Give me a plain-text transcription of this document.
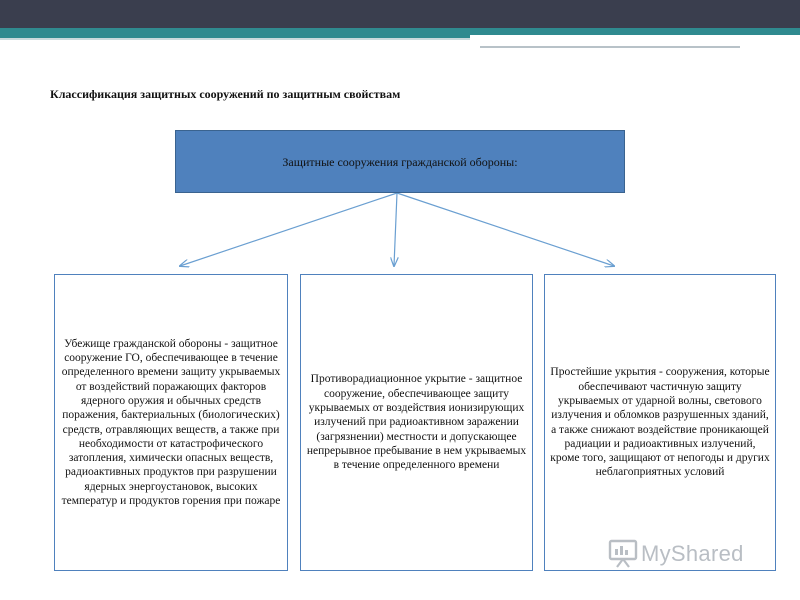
Классификация защитных сооружений по защитным свойствам
Защитные сооружения гражданской обороны:
Убежище гражданской обороны - защитное сооружение ГО, обеспечивающее в течение определенного времени защиту укрываемых от воздействий поражающих факторов ядерного оружия и обычных средств поражения, бактериальных (биологических) средств, отравляющих веществ, а также при необходимости от катастрофического затопления, химически опасных веществ, радиоактивных продуктов при разрушении ядерных энергоустановок, высоких температур и продуктов горения при пожаре
Противорадиационное укрытие - защитное сооружение, обеспечивающее защиту укрываемых от воздействия ионизирующих излучений при радиоактивном заражении (загрязнении) местности и допускающее непрерывное пребывание в нем укрываемых в течение определенного времени
Простейшие укрытия - сооружения, которые обеспечивают частичную защиту укрываемых от ударной волны, светового излучения и обломков разрушенных зданий, а также снижают воздействие проникающей радиации и радиоактивных излучений, кроме того, защищают от непогоды и других неблагоприятных условий
MyShared
